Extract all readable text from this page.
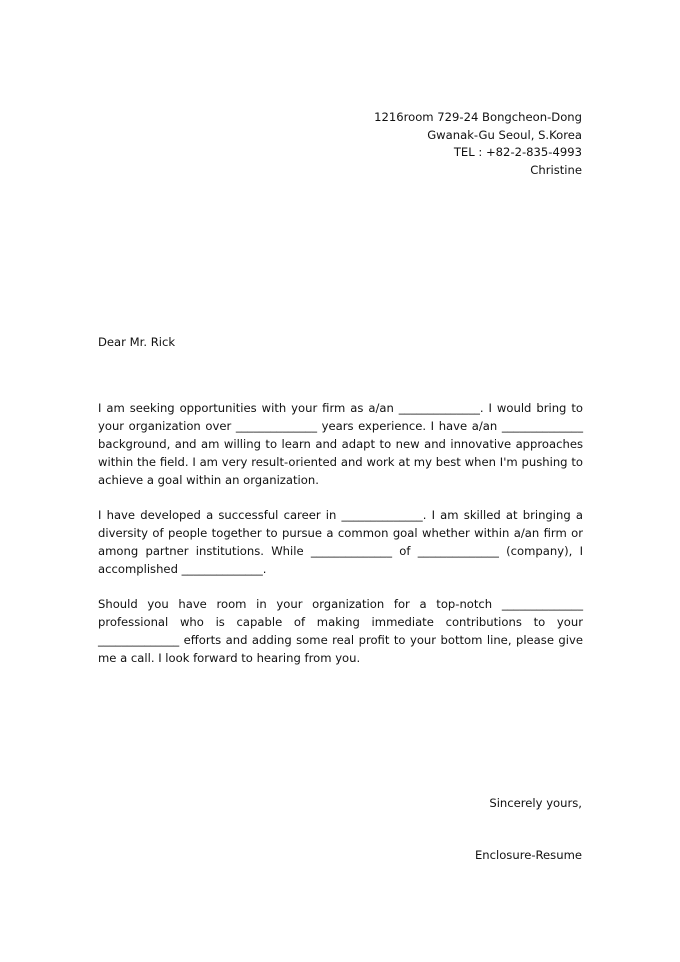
1216room 729-24 Bongcheon-Dong
Gwanak-Gu Seoul, S.Korea
TEL : +82-2-835-4993
Christine
Dear Mr. Rick

I am seeking opportunities with your firm as a/an ______________. I would bring to your organization over ______________ years experience. I have a/an ______________ background, and am willing to learn and adapt to new and innovative approaches within the field. I am very result-oriented and work at my best when I'm pushing to achieve a goal within an organization.

I have developed a successful career in ______________. I am skilled at bringing a diversity of people together to pursue a common goal whether within a/an firm or among partner institutions. While ______________ of ______________ (company), I accomplished ______________.

Should you have room in your organization for a top-notch ______________ professional who is capable of making immediate contributions to your ______________ efforts and adding some real profit to your bottom line, please give me a call. I look forward to hearing from you.

Sincerely yours,
Enclosure-Resume
